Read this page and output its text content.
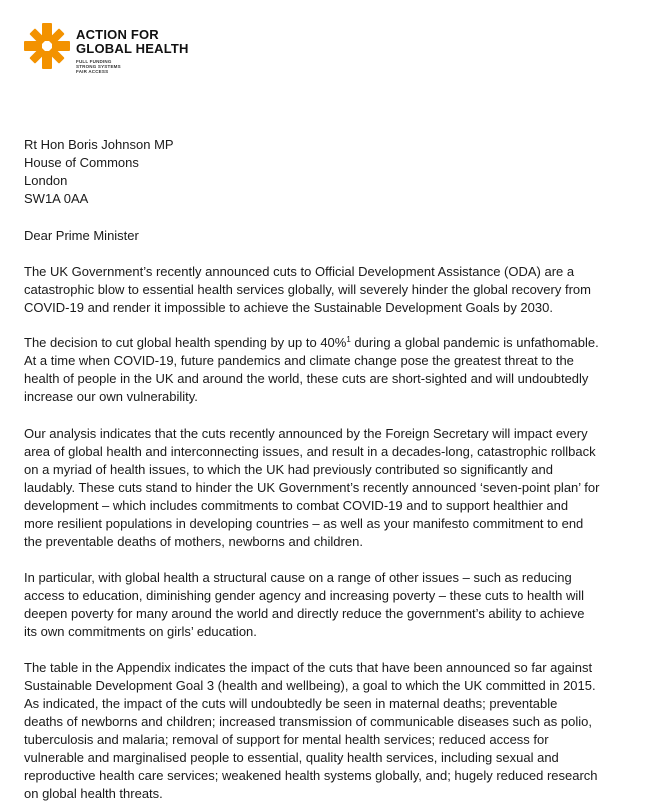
ACTION FOR
GLOBAL HEALTH
FULL FUNDING
STRONG SYSTEMS
FAIR ACCESS
Rt Hon Boris Johnson MP
House of Commons
London
SW1A 0AA
Dear Prime Minister

The UK Government’s recently announced cuts to Official Development Assistance (ODA) are a

catastrophic blow to essential health services globally, will severely hinder the global recovery from

COVID-19 and render it impossible to achieve the Sustainable Development Goals by 2030.

The decision to cut global health spending by up to 40%$^1$ during a global pandemic is unfathomable.

At a time when COVID-19, future pandemics and climate change pose the greatest threat to the

health of people in the UK and around the world, these cuts are short-sighted and will undoubtedly

increase our own vulnerability.

Our analysis indicates that the cuts recently announced by the Foreign Secretary will impact every

area of global health and interconnecting issues, and result in a decades-long, catastrophic rollback

on a myriad of health issues, to which the UK had previously contributed so significantly and

laudably. These cuts stand to hinder the UK Government’s recently announced ‘seven-point plan’ for

development – which includes commitments to combat COVID-19 and to support healthier and

more resilient populations in developing countries – as well as your manifesto commitment to end

the preventable deaths of mothers, newborns and children.

In particular, with global health a structural cause on a range of other issues – such as reducing

access to education, diminishing gender agency and increasing poverty – these cuts to health will

deepen poverty for many around the world and directly reduce the government’s ability to achieve

its own commitments on girls’ education.

The table in the Appendix indicates the impact of the cuts that have been announced so far against

Sustainable Development Goal 3 (health and wellbeing), a goal to which the UK committed in 2015.

As indicated, the impact of the cuts will undoubtedly be seen in maternal deaths; preventable

deaths of newborns and children; increased transmission of communicable diseases such as polio,

tuberculosis and malaria; removal of support for mental health services; reduced access for

vulnerable and marginalised people to essential, quality health services, including sexual and

reproductive health care services; weakened health systems globally, and; hugely reduced research

on global health threats.
